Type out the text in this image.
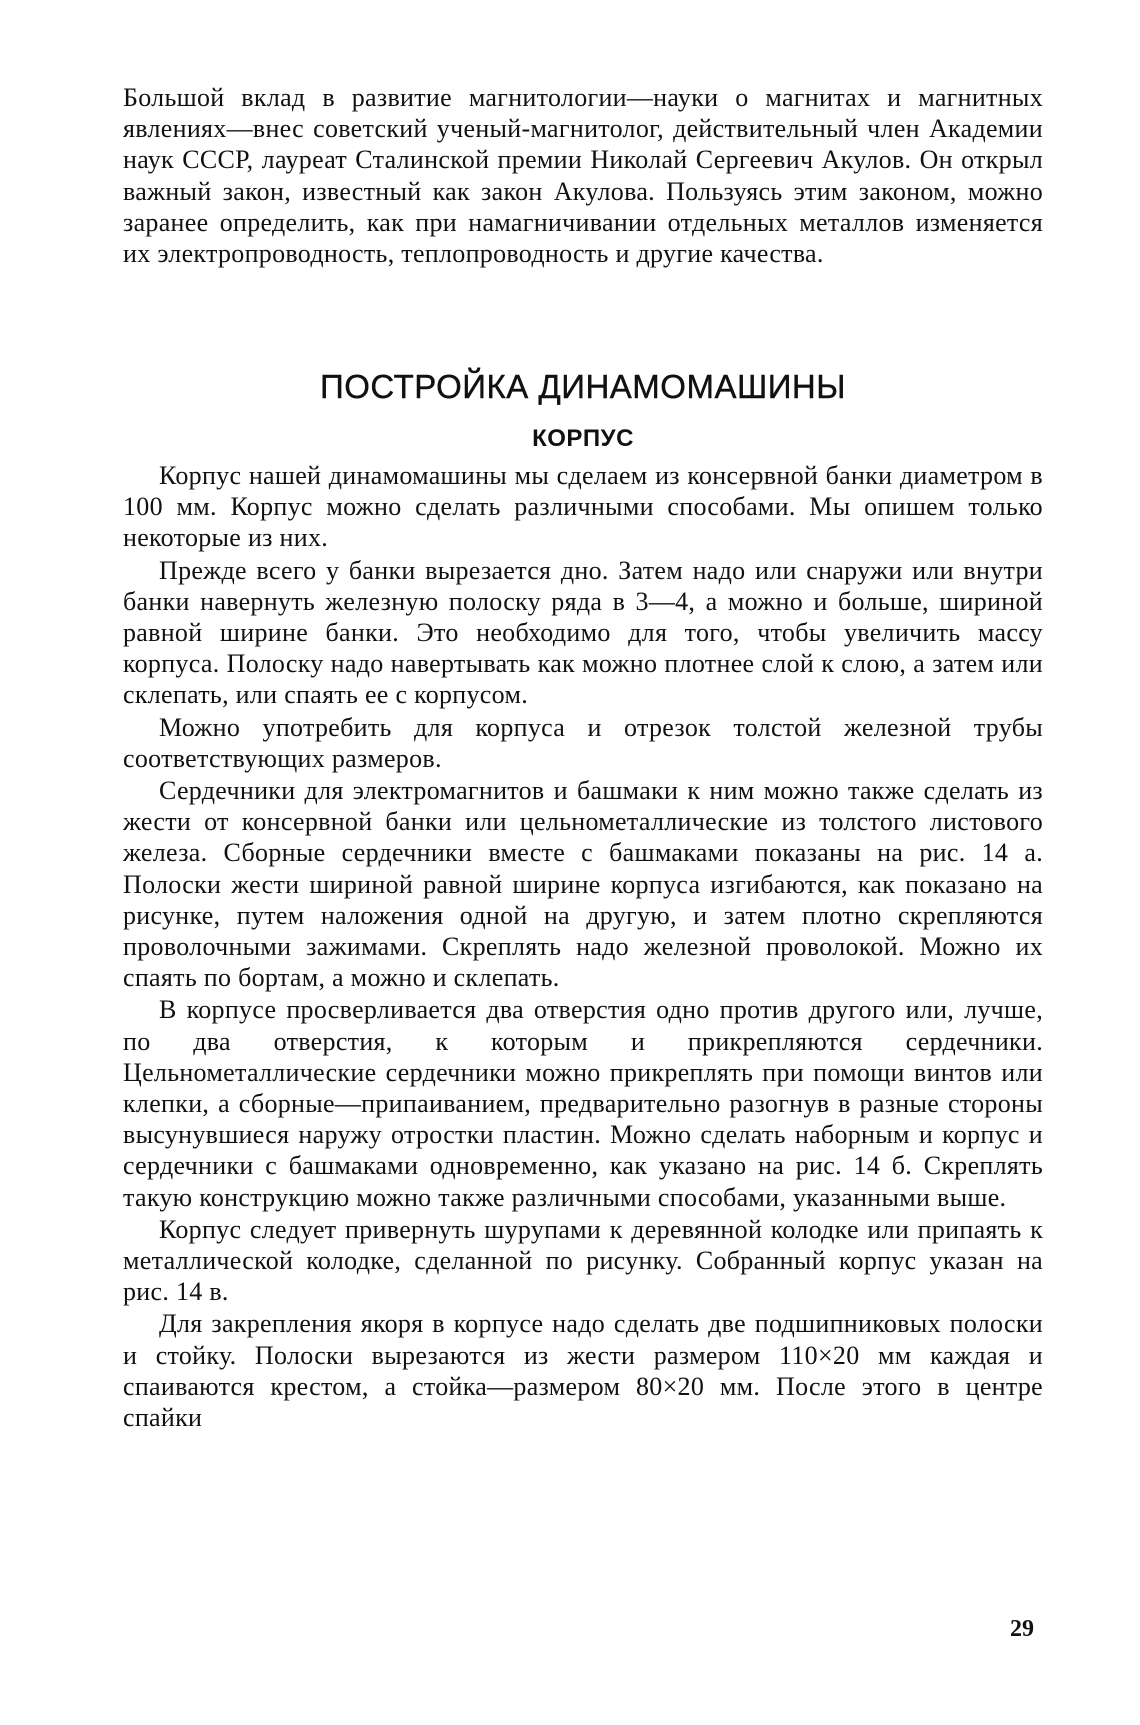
Большой вклад в развитие магнитологии—науки о магнитах и магнитных явлениях—внес советский ученый-магнитолог, действительный член Академии наук СССР, лауреат Сталинской премии Николай Сергеевич Акулов. Он открыл важный закон, известный как закон Акулова. Пользуясь этим законом, можно заранее определить, как при намагничивании отдельных металлов изменяется их электропроводность, теплопроводность и другие качества.

ПОСТРОЙКА ДИНАМОМАШИНЫ
КОРПУС

Корпус нашей динамомашины мы сделаем из консервной банки диаметром в 100 мм. Корпус можно сделать различными способами. Мы опишем только некоторые из них.

Прежде всего у банки вырезается дно. Затем надо или снаружи или внутри банки навернуть железную полоску ряда в 3—4, а можно и больше, шириной равной ширине банки. Это необходимо для того, чтобы увеличить массу корпуса. Полоску надо навертывать как можно плотнее слой к слою, а затем или склепать, или спаять ее с корпусом.

Можно употребить для корпуса и отрезок толстой железной трубы соответствующих размеров.

Сердечники для электромагнитов и башмаки к ним можно также сделать из жести от консервной банки или цельнометаллические из толстого листового железа. Сборные сердечники вместе с башмаками показаны на рис. 14 а. Полоски жести шириной равной ширине корпуса изгибаются, как показано на рисунке, путем наложения одной на другую, и затем плотно скрепляются проволочными зажимами. Скреплять надо железной проволокой. Можно их спаять по бортам, а можно и склепать.

В корпусе просверливается два отверстия одно против другого или, лучше, по два отверстия, к которым и прикрепляются сердечники. Цельнометаллические сердечники можно прикреплять при помощи винтов или клепки, а сборные—припаиванием, предварительно разогнув в разные стороны высунувшиеся наружу отростки пластин. Можно сделать наборным и корпус и сердечники с башмаками одновременно, как указано на рис. 14 б. Скреплять такую конструкцию можно также различными способами, указанными выше.

Корпус следует привернуть шурупами к деревянной колодке или припаять к металлической колодке, сделанной по рисунку. Собранный корпус указан на рис. 14 в.

Для закрепления якоря в корпусе надо сделать две подшипниковых полоски и стойку. Полоски вырезаются из жести размером 110×20 мм каждая и спаиваются крестом, а стойка—размером 80×20 мм. После этого в центре спайки

29
